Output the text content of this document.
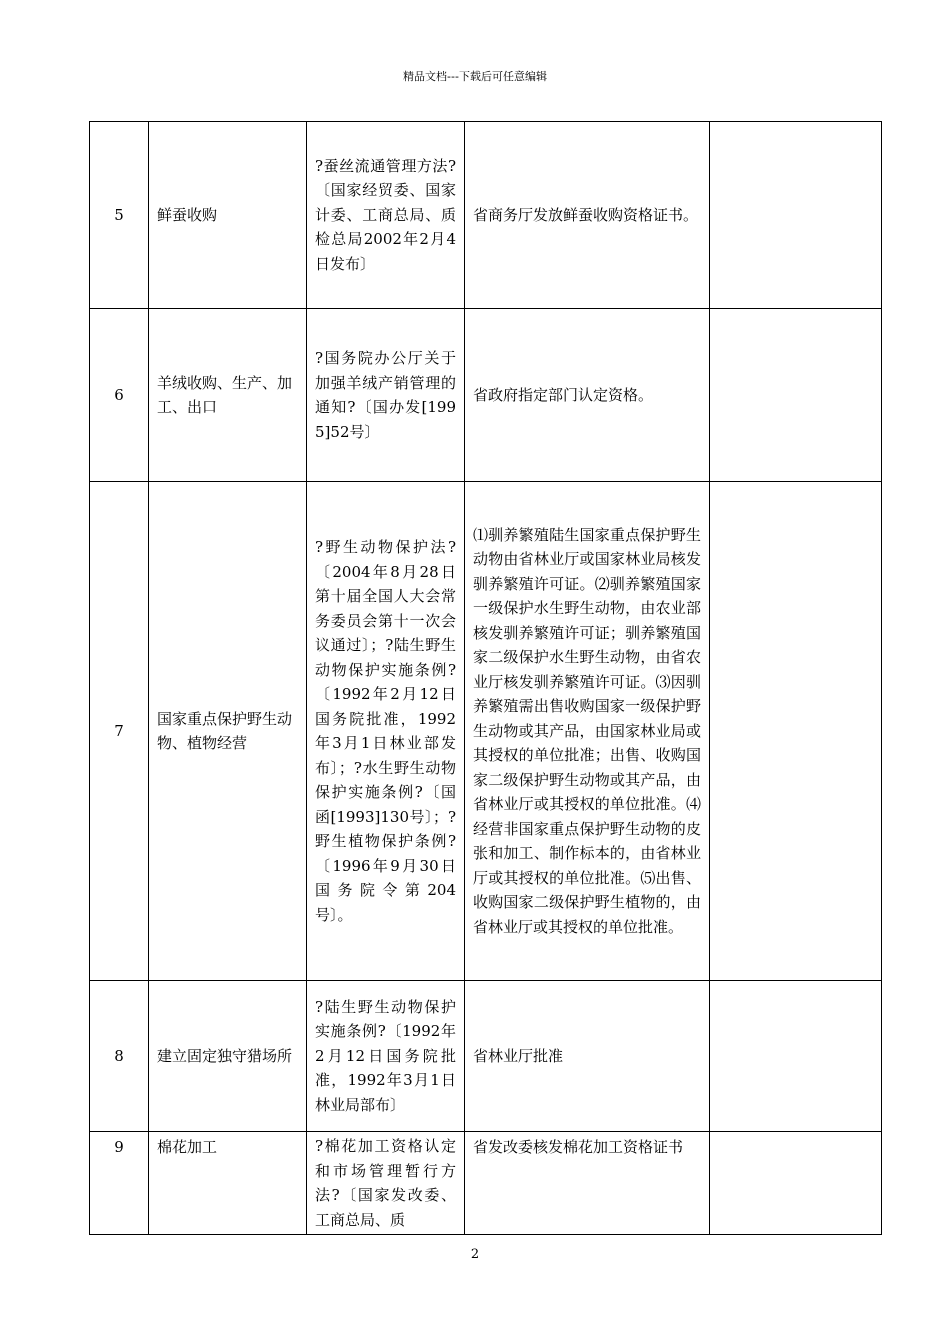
精品文档---下载后可任意编辑
5	鲜蚕收购	?蚕丝流通管理方法?〔国家经贸委、国家计委、工商总局、质检总局2002年2月4日发布〕	省商务厅发放鲜蚕收购资格证书。	
6	羊绒收购、生产、加工、出口	?国务院办公厅关于加强羊绒产销管理的通知?〔国办发[1995]52号〕	省政府指定部门认定资格。	
7	国家重点保护野生动物、植物经营	?野生动物保护法?〔2004年8月28日第十届全国人大会常务委员会第十一次会议通过〕；?陆生野生动物保护实施条例?〔1992年2月12日国务院批准，1992年3月1日林业部发布〕；?水生野生动物保护实施条例?〔国函[1993]130号〕；?野生植物保护条例?〔1996年9月30日国务院令第204号〕。	⑴驯养繁殖陆生国家重点保护野生动物由省林业厅或国家林业局核发驯养繁殖许可证。⑵驯养繁殖国家一级保护水生野生动物，由农业部核发驯养繁殖许可证；驯养繁殖国家二级保护水生野生动物，由省农业厅核发驯养繁殖许可证。⑶因驯养繁殖需出售收购国家一级保护野生动物或其产品，由国家林业局或其授权的单位批准；出售、收购国家二级保护野生动物或其产品，由省林业厅或其授权的单位批准。⑷经营非国家重点保护野生动物的皮张和加工、制作标本的，由省林业厅或其授权的单位批准。⑸出售、收购国家二级保护野生植物的，由省林业厅或其授权的单位批准。	
8	建立固定独守猎场所	?陆生野生动物保护实施条例?〔1992年2月12日国务院批准，1992年3月1日林业局部布〕	省林业厅批准	
9	棉花加工	?棉花加工资格认定和市场管理暂行方法?〔国家发改委、工商总局、质	省发改委核发棉花加工资格证书	
2
